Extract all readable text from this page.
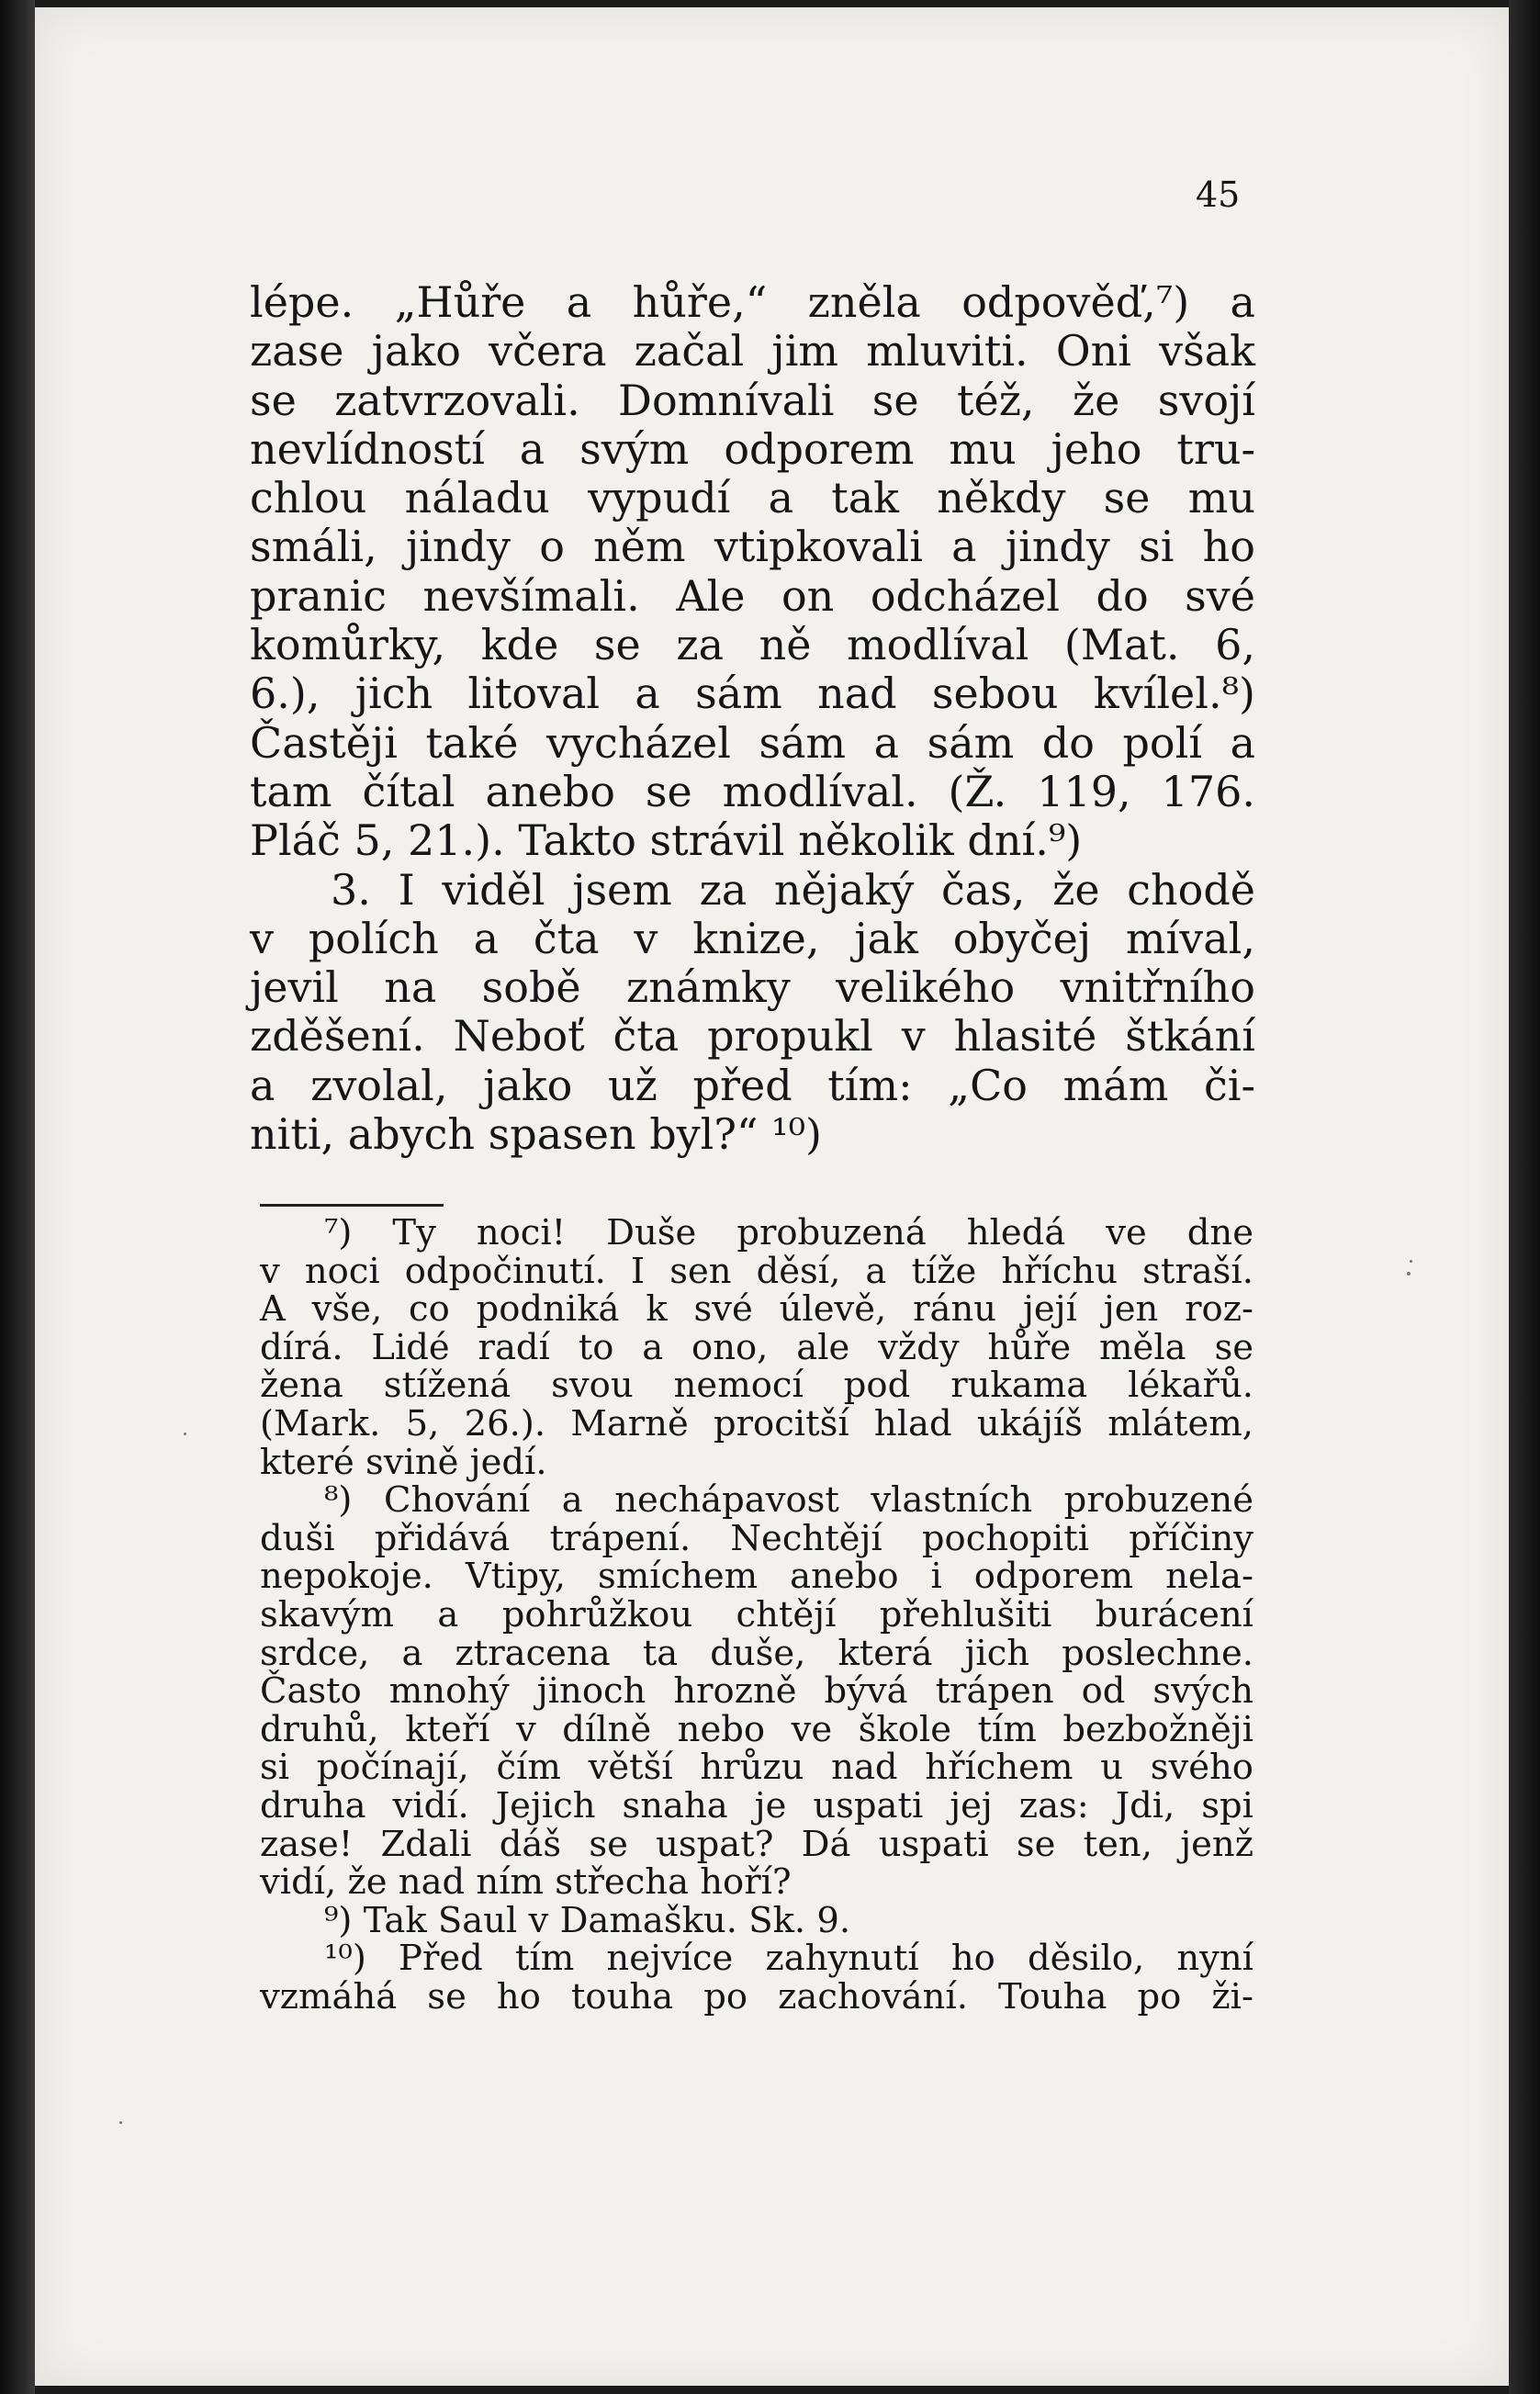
45
lépe. „Hůře a hůře,“ zněla odpověď,⁷) a
zase jako včera začal jim mluviti. Oni však
se zatvrzovali. Domnívali se též, že svojí
nevlídností a svým odporem mu jeho tru-
chlou náladu vypudí a tak někdy se mu
smáli, jindy o něm vtipkovali a jindy si ho
pranic nevšímali. Ale on odcházel do své
komůrky, kde se za ně modlíval (Mat. 6,
6.), jich litoval a sám nad sebou kvílel.⁸)
Častěji také vycházel sám a sám do polí a
tam čítal anebo se modlíval. (Ž. 119, 176.
Pláč 5, 21.). Takto strávil několik dní.⁹)
3. I viděl jsem za nějaký čas, že chodě
v polích a čta v knize, jak obyčej míval,
jevil na sobě známky velikého vnitřního
zděšení. Neboť čta propukl v hlasité štkání
a zvolal, jako už před tím: „Co mám či-
niti, abych spasen byl?“ ¹⁰)
⁷) Ty noci! Duše probuzená hledá ve dne
v noci odpočinutí. I sen děsí, a tíže hříchu straší.
A vše, co podniká k své úlevě, ránu její jen roz-
dírá. Lidé radí to a ono, ale vždy hůře měla se
žena stížená svou nemocí pod rukama lékařů.
(Mark. 5, 26.). Marně procitší hlad ukájíš mlátem,
které svině jedí.
⁸) Chování a nechápavost vlastních probuzené
duši přidává trápení. Nechtějí pochopiti příčiny
nepokoje. Vtipy, smíchem anebo i odporem nela-
skavým a pohrůžkou chtějí přehlušiti burácení
srdce, a ztracena ta duše, která jich poslechne.
Často mnohý jinoch hrozně bývá trápen od svých
druhů, kteří v dílně nebo ve škole tím bezbožněji
si počínají, čím větší hrůzu nad hříchem u svého
druha vidí. Jejich snaha je uspati jej zas: Jdi, spi
zase! Zdali dáš se uspat? Dá uspati se ten, jenž
vidí, že nad ním střecha hoří?
⁹) Tak Saul v Damašku. Sk. 9.
¹⁰) Před tím nejvíce zahynutí ho děsilo, nyní
vzmáhá se ho touha po zachování. Touha po ži-
